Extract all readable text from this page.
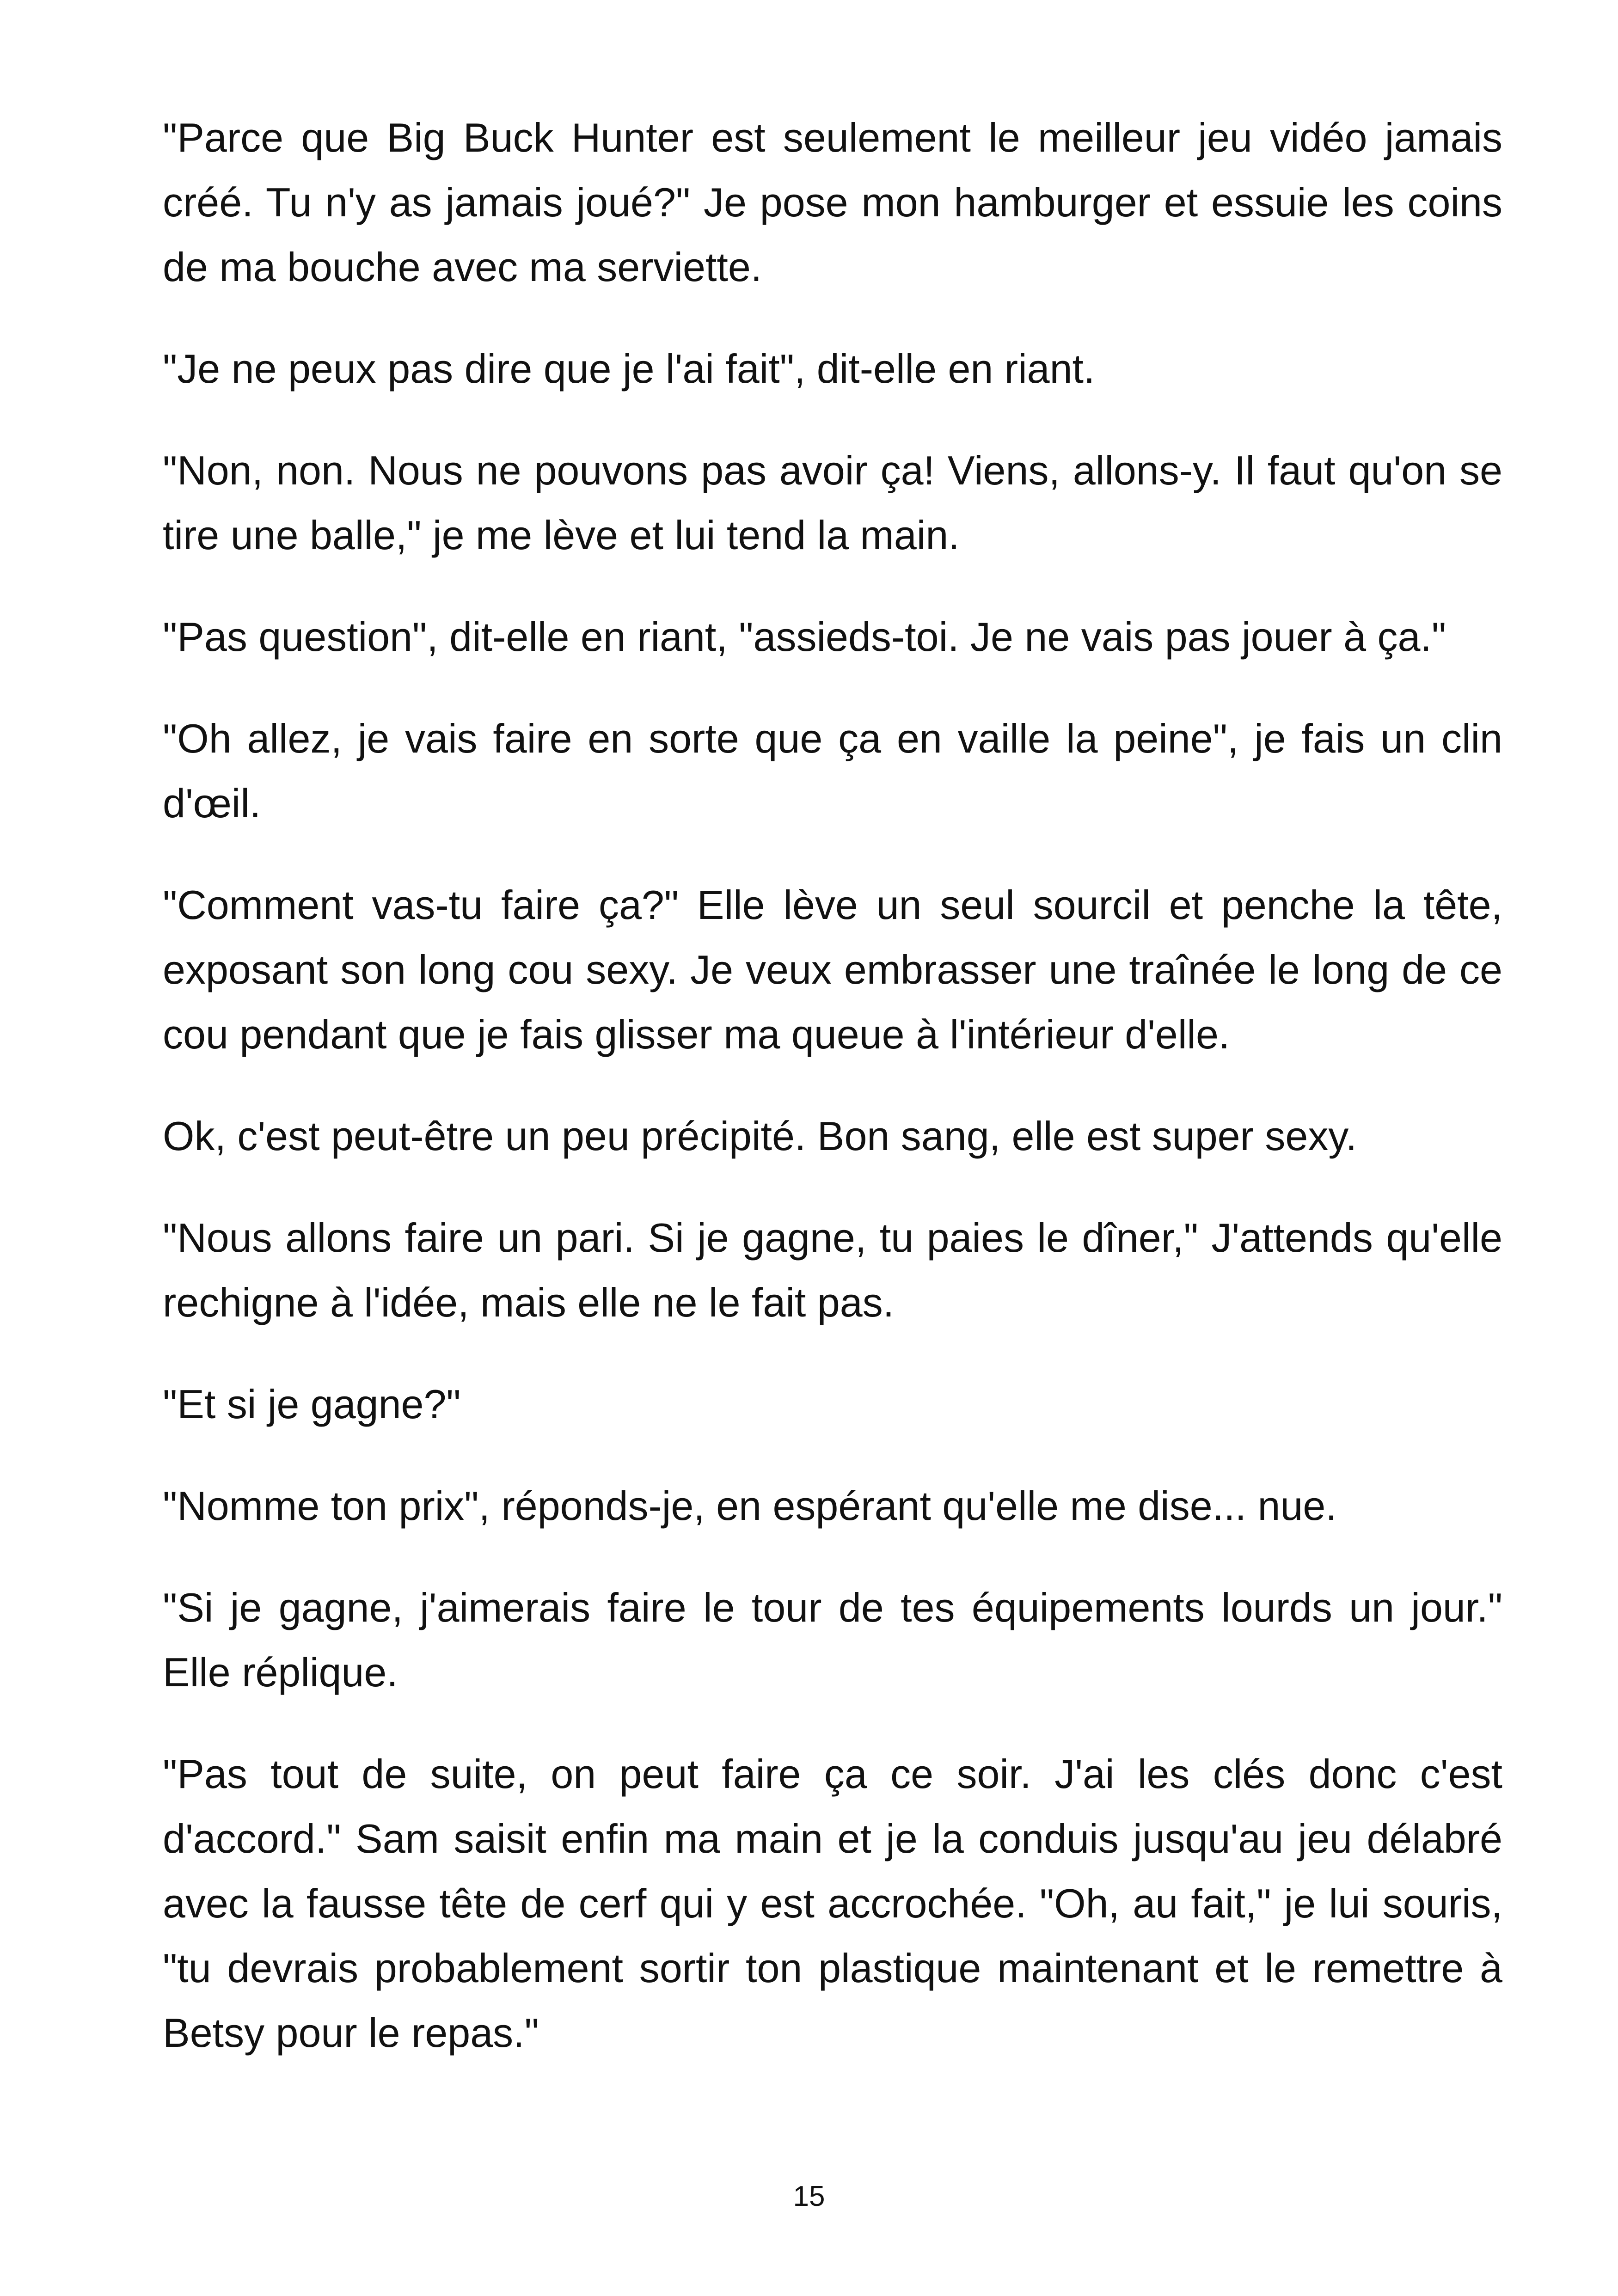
"Parce que Big Buck Hunter est seulement le meilleur jeu vidéo jamais créé. Tu n'y as jamais joué?" Je pose mon hamburger et essuie les coins de ma bouche avec ma serviette.

"Je ne peux pas dire que je l'ai fait", dit-elle en riant.

"Non, non. Nous ne pouvons pas avoir ça! Viens, allons-y. Il faut qu'on se tire une balle," je me lève et lui tend la main.

"Pas question", dit-elle en riant, "assieds-toi. Je ne vais pas jouer à ça."

"Oh allez, je vais faire en sorte que ça en vaille la peine", je fais un clin d'œil.

"Comment vas-tu faire ça?" Elle lève un seul sourcil et penche la tête, exposant son long cou sexy. Je veux embrasser une traînée le long de ce cou pendant que je fais glisser ma queue à l'intérieur d'elle.

Ok, c'est peut-être un peu précipité. Bon sang, elle est super sexy.

"Nous allons faire un pari. Si je gagne, tu paies le dîner," J'attends qu'elle rechigne à l'idée, mais elle ne le fait pas.

"Et si je gagne?"

"Nomme ton prix", réponds-je, en espérant qu'elle me dise... nue.

"Si je gagne, j'aimerais faire le tour de tes équipements lourds un jour." Elle réplique.

"Pas tout de suite, on peut faire ça ce soir. J'ai les clés donc c'est d'accord." Sam saisit enfin ma main et je la conduis jusqu'au jeu délabré avec la fausse tête de cerf qui y est accrochée. "Oh, au fait," je lui souris, "tu devrais probablement sortir ton plastique maintenant et le remettre à Betsy pour le repas."

15
